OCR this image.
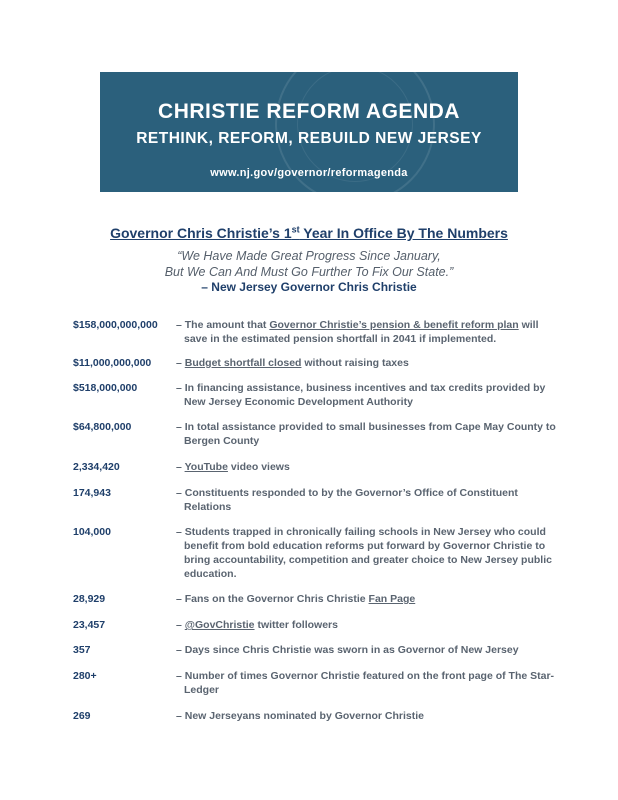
CHRISTIE REFORM AGENDA
RETHINK, REFORM, REBUILD NEW JERSEY
www.nj.gov/governor/reformagenda
Governor Chris Christie’s 1st Year In Office By The Numbers
“We Have Made Great Progress Since January,
But We Can And Must Go Further To Fix Our State.”
– New Jersey Governor Chris Christie
$158,000,000,000	– The amount that Governor Christie’s pension & benefit reform plan will save in the estimated pension shortfall in 2041 if implemented.
$11,000,000,000	– Budget shortfall closed without raising taxes
$518,000,000	– In financing assistance, business incentives and tax credits provided by New Jersey Economic Development Authority
$64,800,000	– In total assistance provided to small businesses from Cape May County to Bergen County
2,334,420	– YouTube video views
174,943	– Constituents responded to by the Governor’s Office of Constituent Relations
104,000	– Students trapped in chronically failing schools in New Jersey who could benefit from bold education reforms put forward by Governor Christie to bring accountability, competition and greater choice to New Jersey public education.
28,929	– Fans on the Governor Chris Christie Fan Page
23,457	– @GovChristie twitter followers
357	– Days since Chris Christie was sworn in as Governor of New Jersey
280+	– Number of times Governor Christie featured on the front page of The Star-Ledger
269	– New Jerseyans nominated by Governor Christie
